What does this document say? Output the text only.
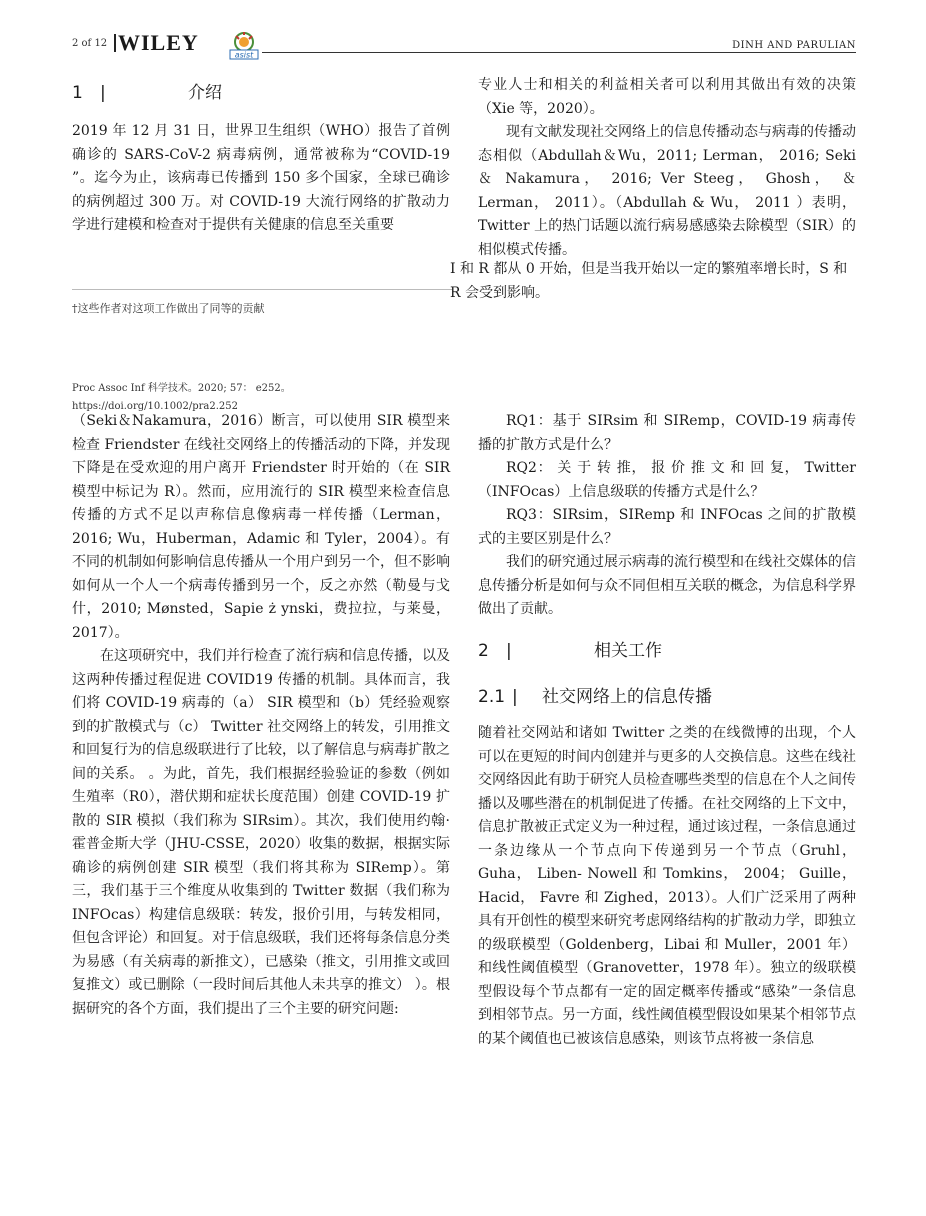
2 of 12 WILEY	asist
DINH AND PARULIAN
1 |	介绍

2019 年 12 月 31 日，世界卫生组织（WHO）报告了首例确诊的 SARS-CoV-2 病毒病例，通常被称为“COVID-19 ”。迄今为止，该病毒已传播到 150 多个国家，全球已确诊的病例超过 300 万。对 COVID-19 大流行网络的扩散动力学进行建模和检查对于提供有关健康的信息至关重要

†这些作者对这项工作做出了同等的贡献
Proc Assoc Inf 科学技术。2020; 57： e252。
https://doi.org/10.1002/pra2.252

专业人士和相关的利益相关者可以利用其做出有效的决策（Xie 等，2020）。

现有文献发现社交网络上的信息传播动态与病毒的传播动态相似（Abdullah＆Wu，2011; Lerman， 2016; Seki ＆ Nakamura， 2016; Ver Steeg， Ghosh， ＆ Lerman， 2011）。（Abdullah & Wu， 2011 ）表明，Twitter 上的热门话题以流行病易感感染去除模型（SIR）的相似模式传播。

I 和 R 都从 0 开始，但是当我开始以一定的繁殖率增长时，S 和 R 会受到影响。

（Seki＆Nakamura，2016）断言，可以使用 SIR 模型来检查 Friendster 在线社交网络上的传播活动的下降，并发现下降是在受欢迎的用户离开 Friendster 时开始的（在 SIR 模型中标记为 R）。然而，应用流行的 SIR 模型来检查信息传播的方式不足以声称信息像病毒一样传播（Lerman，2016; Wu，Huberman，Adamic 和 Tyler，2004）。有不同的机制如何影响信息传播从一个用户到另一个，但不影响如何从一个人一个病毒传播到另一个，反之亦然（勒曼与戈什，2010; Mønsted，Sapie ż ynski，费拉拉，与莱曼， 2017）。

在这项研究中，我们并行检查了流行病和信息传播，以及这两种传播过程促进 COVID19 传播的机制。具体而言，我们将 COVID-19 病毒的（a） SIR 模型和（b）凭经验观察到的扩散模式与（c） Twitter 社交网络上的转发，引用推文和回复行为的信息级联进行了比较，以了解信息与病毒扩散之间的关系。 。为此，首先，我们根据经验验证的参数（例如生殖率（R0），潜伏期和症状长度范围）创建 COVID-19 扩散的 SIR 模拟（我们称为 SIRsim）。其次，我们使用约翰·霍普金斯大学（JHU-CSSE，2020）收集的数据，根据实际确诊的病例创建 SIR 模型（我们将其称为 SIRemp）。第三，我们基于三个维度从收集到的 Twitter 数据（我们称为 INFOcas）构建信息级联：转发，报价引用，与转发相同，但包含评论）和回复。对于信息级联，我们还将每条信息分类为易感（有关病毒的新推文），已感染（推文，引用推文或回复推文）或已删除（一段时间后其他人未共享的推文） ）。根据研究的各个方面，我们提出了三个主要的研究问题:

RQ1：基于 SIRsim 和 SIRemp，COVID-19 病毒传播的扩散方式是什么？

RQ2： 关 于 转 推， 报 价 推 文 和 回 复， Twitter（INFOcas）上信息级联的传播方式是什么？

RQ3：SIRsim，SIRemp 和 INFOcas 之间的扩散模式的主要区别是什么？

我们的研究通过展示病毒的流行模型和在线社交媒体的信息传播分析是如何与众不同但相互关联的概念，为信息科学界做出了贡献。

2 |	相关工作
2.1 | 社交网络上的信息传播

随着社交网站和诸如 Twitter 之类的在线微博的出现，个人可以在更短的时间内创建并与更多的人交换信息。这些在线社交网络因此有助于研究人员检查哪些类型的信息在个人之间传播以及哪些潜在的机制促进了传播。在社交网络的上下文中，信息扩散被正式定义为一种过程，通过该过程，一条信息通过一条边缘从一个节点向下传递到另一个节点（Gruhl， Guha， Liben- Nowell 和 Tomkins， 2004； Guille， Hacid， Favre 和 Zighed，2013）。人们广泛采用了两种具有开创性的模型来研究考虑网络结构的扩散动力学，即独立的级联模型（Goldenberg，Libai 和 Muller，2001 年）和线性阈值模型（Granovetter，1978 年）。独立的级联模型假设每个节点都有一定的固定概率传播或“感染”一条信息到相邻节点。另一方面，线性阈值模型假设如果某个相邻节点的某个阈值也已被该信息感染，则该节点将被一条信息
